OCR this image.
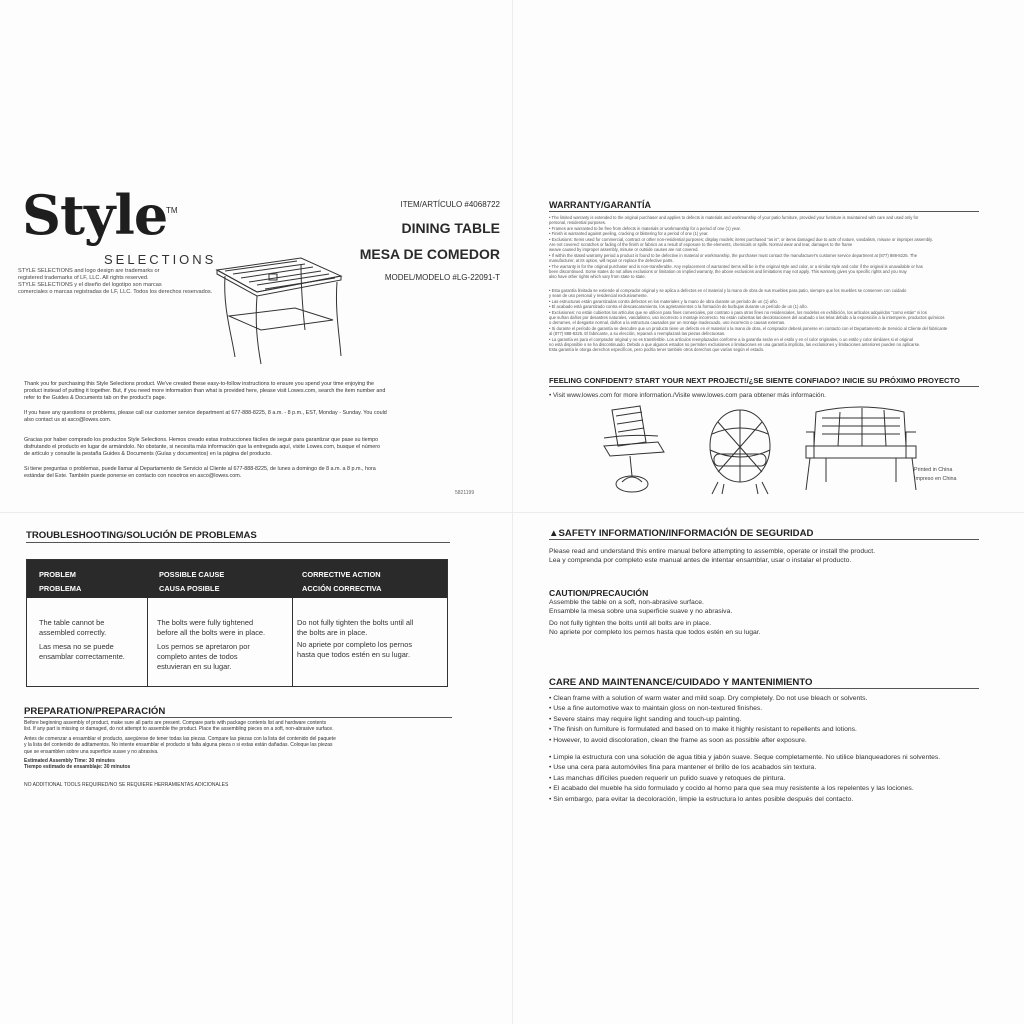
Style
TM
SELECTIONS
STYLE SELECTIONS and logo design are trademarks or
registered trademarks of LF, LLC. All rights reserved.
STYLE SELECTIONS y el diseño del logotipo son marcas
comerciales o marcas registradas de LF, LLC. Todos los derechos reservados.
ITEM/ARTÍCULO #4068722
DINING TABLE
MESA DE COMEDOR
MODEL/MODELO #LG-22091-T
Thank you for purchasing this Style Selections product. We've created these easy-to-follow instructions to ensure you spend your time enjoying the
product instead of putting it together. But, if you need more information than what is provided here, please visit Lowes.com, search the item number and
refer to the Guides & Documents tab on the product's page.
If you have any questions or problems, please call our customer service department at 677-888-8225, 8 a.m. - 8 p.m., EST, Monday - Sunday. You could
also contact us at asco@lowes.com.
Gracias por haber comprado los productos Style Selections. Hemos creado estas instrucciones fáciles de seguir para garantizar que pase su tiempo
disfrutando el producto en lugar de armándolo. No obstante, si necesita más información que la entregada aquí, visite Lowes.com, busque el número
de artículo y consulte la pestaña Guides & Documents (Guías y documentos) en la página del producto.
Si tiene preguntas o problemas, puede llamar al Departamento de Servicio al Cliente al 677-888-8225, de lunes a domingo de 8 a.m. a 8 p.m., hora
estándar del Este. También puede ponerse en contacto con nosotros en asco@lowes.com.
5821199
WARRANTY/GARANTÍA
• The limited warranty is extended to the original purchaser and applies to defects in materials and workmanship of your patio furniture, provided your furniture is maintained with care and used only for
personal, residential purposes.
• Frames are warranted to be free from defects in materials or workmanship for a period of one (1) year.
• Finish is warranted against peeling, cracking or blistering for a period of one (1) year.
• Exclusions: Items used for commercial, contract or other non-residential purposes; display models; items purchased "as is"; or items damaged due to acts of nature, vandalism, misuse or improper assembly.
Are not covered: scratches or fading of the finish or fabrics as a result of exposure to the elements, chemicals or spills. Normal wear and tear, damages to the frame
weave caused by improper assembly, misuse or outside causes are not covered.
• If within the stated warranty period a product is found to be defective in material or workmanship, the purchaser must contact the manufacturer's customer service department at (877) 888-8225. The
manufacturer, at its option, will repair or replace the defective parts.
• The warranty is for the original purchaser and is non-transferable. Any replacement of warranted items will be in the original style and color, or a similar style and color if the original is unavailable or has
been discontinued. Some states do not allow exclusions or limitation on implied warranty, the above exclusions and limitations may not apply. This warranty gives you specific rights and you may
also have other rights which vary from state to state.
• Esta garantía limitada se extiende al comprador original y se aplica a defectos en el material y la mano de obra de sus muebles para patio, siempre que los muebles se conserven con cuidado
y sean de uso personal y residencial exclusivamente.
• Las estructuras están garantizadas contra defectos en los materiales y la mano de obra durante un período de un (1) año.
• El acabado está garantizado contra el descascaramiento, los agrietamientos o la formación de burbujas durante un período de un (1) año.
• Exclusiones: no están cubiertos los artículos que se utilicen para fines comerciales, por contrato o para otros fines no residenciales, los modelos en exhibición, los artículos adquiridos "como están" ni los
que sufran daños por desastres naturales, vandalismo, uso incorrecto o montaje incorrecto. No están cubiertas las decoloraciones del acabado o las telas debido a la exposición a la intemperie, productos químicos
o derrames, el desgaste normal, daños a la estructura causados por un montaje inadecuado, uso incorrecto o causas externas.
• Si durante el período de garantía se descubre que un producto tiene un defecto en el material o la mano de obra, el comprador deberá ponerse en contacto con el Departamento de Servicio al Cliente del fabricante
al (877) 888-8225. El fabricante, a su elección, reparará o reemplazará las piezas defectuosas.
• La garantía es para el comprador original y no es transferible. Los artículos reemplazados conforme a la garantía serán en el estilo y en el color originales, o un estilo y color similares si el original
no está disponible o se ha discontinuado. Debido a que algunos estados no permiten exclusiones o limitaciones en una garantía implícita, las exclusiones y limitaciones anteriores pueden no aplicarse.
Esta garantía le otorga derechos específicos, pero podría tener también otros derechos que varían según el estado.
FEELING CONFIDENT? START YOUR NEXT PROJECT!/¿SE SIENTE CONFIADO? INICIE SU PRÓXIMO PROYECTO
• Visit www.lowes.com for more information./Visite www.lowes.com para obtener más información.
Printed in China
Impreso en China
TROUBLESHOOTING/SOLUCIÓN DE PROBLEMAS
PROBLEM
PROBLEMA
POSSIBLE CAUSE
CAUSA POSIBLE
CORRECTIVE ACTION
ACCIÓN CORRECTIVA
The table cannot be
assembled correctly.
Las mesa no se puede
ensamblar correctamente.
The bolts were fully tightened
before all the bolts were in place.
Los pernos se apretaron por
completo antes de todos
estuvieran en su lugar.
Do not fully tighten the bolts until all
the bolts are in place.
No apriete por completo los pernos
hasta que todos estén en su lugar.
PREPARATION/PREPARACIÓN
Before beginning assembly of product, make sure all parts are present. Compare parts with package contents list and hardware contents
list. If any part is missing or damaged, do not attempt to assemble the product. Place the assembling pieces on a soft, non-abrasive surface.
Antes de comenzar a ensamblar el producto, asegúrese de tener todas las piezas. Compare las piezas con la lista del contenido del paquete
y la lista del contenido de aditamentos. No intente ensamblar el producto si falta alguna pieza o si estas están dañadas. Coloque las piezas
que se ensamblen sobre una superficie suave y no abrasiva.
Estimated Assembly Time: 30 minutes
Tiempo estimado de ensamblaje: 30 minutos
NO ADDITIONAL TOOLS REQUIRED/NO SE REQUIERE HERRAMIENTAS ADICIONALES
▲SAFETY INFORMATION/INFORMACIÓN DE SEGURIDAD
Please read and understand this entire manual before attempting to assemble, operate or install the product.
Lea y comprenda por completo este manual antes de intentar ensamblar, usar o instalar el producto.
CAUTION/PRECAUCIÓN
Assemble the table on a soft, non-abrasive surface.
Ensamble la mesa sobre una superficie suave y no abrasiva.
Do not fully tighten the bolts until all bolts are in place.
No apriete por completo los pernos hasta que todos estén en su lugar.
CARE AND MAINTENANCE/CUIDADO Y MANTENIMIENTO
• Clean frame with a solution of warm water and mild soap. Dry completely. Do not use bleach or solvents.
• Use a fine automotive wax to maintain gloss on non-textured finishes.
• Severe stains may require light sanding and touch-up painting.
• The finish on furniture is formulated and based on to make it highly resistant to repellents and lotions.
• However, to avoid discoloration, clean the frame as soon as possible after exposure.
• Limpie la estructura con una solución de agua tibia y jabón suave. Seque completamente. No utilice blanqueadores ni solventes.
• Use una cera para automóviles fina para mantener el brillo de los acabados sin textura.
• Las manchas difíciles pueden requerir un pulido suave y retoques de pintura.
• El acabado del mueble ha sido formulado y cocido al horno para que sea muy resistente a los repelentes y las lociones.
• Sin embargo, para evitar la decoloración, limpie la estructura lo antes posible después del contacto.
